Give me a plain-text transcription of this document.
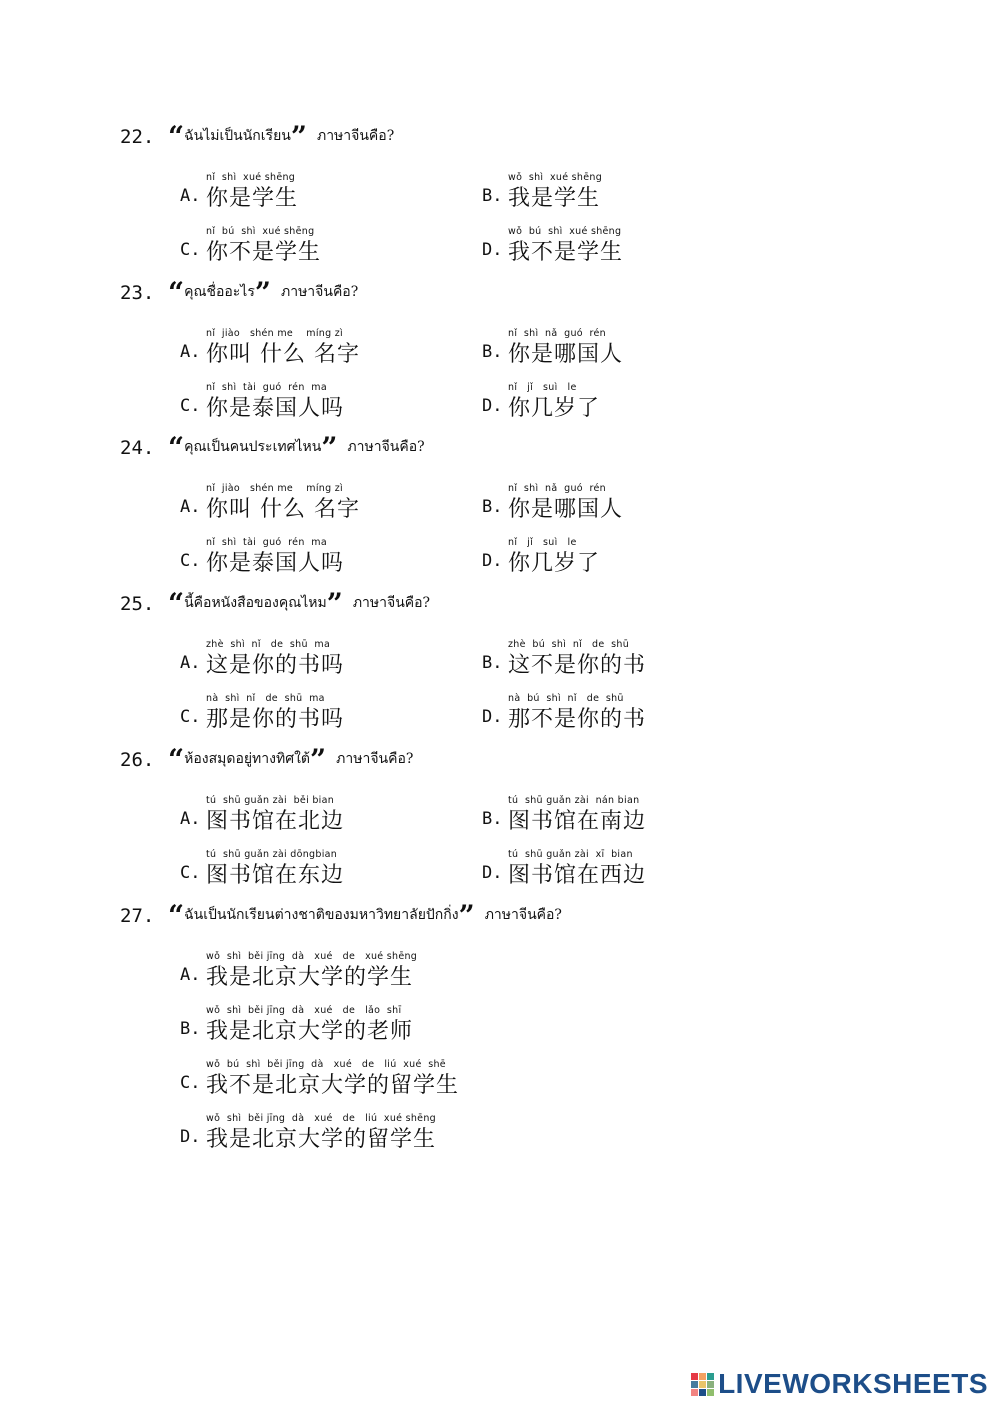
22. “ฉันไม่เป็นนักเรียน” ภาษาจีนคือ?
nǐ  shì  xué shēng
A. 你是学生
wǒ  shì  xué shēng
B. 我是学生
nǐ  bú  shì  xué shēng
C. 你不是学生
wǒ  bú  shì  xué shēng
D. 我不是学生
23. “คุณชื่ออะไร” ภาษาจีนคือ?
nǐ  jiào   shén me    míng zì
A. 你叫 什么 名字
nǐ  shì  nǎ  guó  rén
B. 你是哪国人
nǐ  shì  tài  guó  rén  ma
C. 你是泰国人吗
nǐ   jǐ   suì   le
D. 你几岁了
24. “คุณเป็นคนประเทศไหน” ภาษาจีนคือ?
nǐ  jiào   shén me    míng zì
A. 你叫 什么 名字
nǐ  shì  nǎ  guó  rén
B. 你是哪国人
nǐ  shì  tài  guó  rén  ma
C. 你是泰国人吗
nǐ   jǐ   suì   le
D. 你几岁了
25. “นี้คือหนังสือของคุณไหม” ภาษาจีนคือ?
zhè  shì  nǐ   de  shū  ma
A. 这是你的书吗
zhè  bú  shì  nǐ   de  shū
B. 这不是你的书
nà  shì  nǐ   de  shū  ma
C. 那是你的书吗
nà  bú  shì  nǐ   de  shū
D. 那不是你的书
26. “ห้องสมุดอยู่ทางทิศใต้” ภาษาจีนคือ?
tú  shū guǎn zài  běi bian
A. 图书馆在北边
tú  shū guǎn zài  nán bian
B. 图书馆在南边
tú  shū guǎn zài dōngbian
C. 图书馆在东边
tú  shū guǎn zài  xī  bian
D. 图书馆在西边
27. “ฉันเป็นนักเรียนต่างชาติของมหาวิทยาลัยปักกิ่ง” ภาษาจีนคือ?
wǒ  shì  běi jīng  dà   xué   de   xué shēng
A. 我是北京大学的学生
wǒ  shì  běi jīng  dà   xué   de   lǎo  shī
B. 我是北京大学的老师
wǒ  bú  shì  běi jīng  dà   xué   de   liú  xué  shē
C. 我不是北京大学的留学生
wǒ  shì  běi jīng  dà   xué   de   liú  xué shēng
D. 我是北京大学的留学生
LIVEWORKSHEETS
